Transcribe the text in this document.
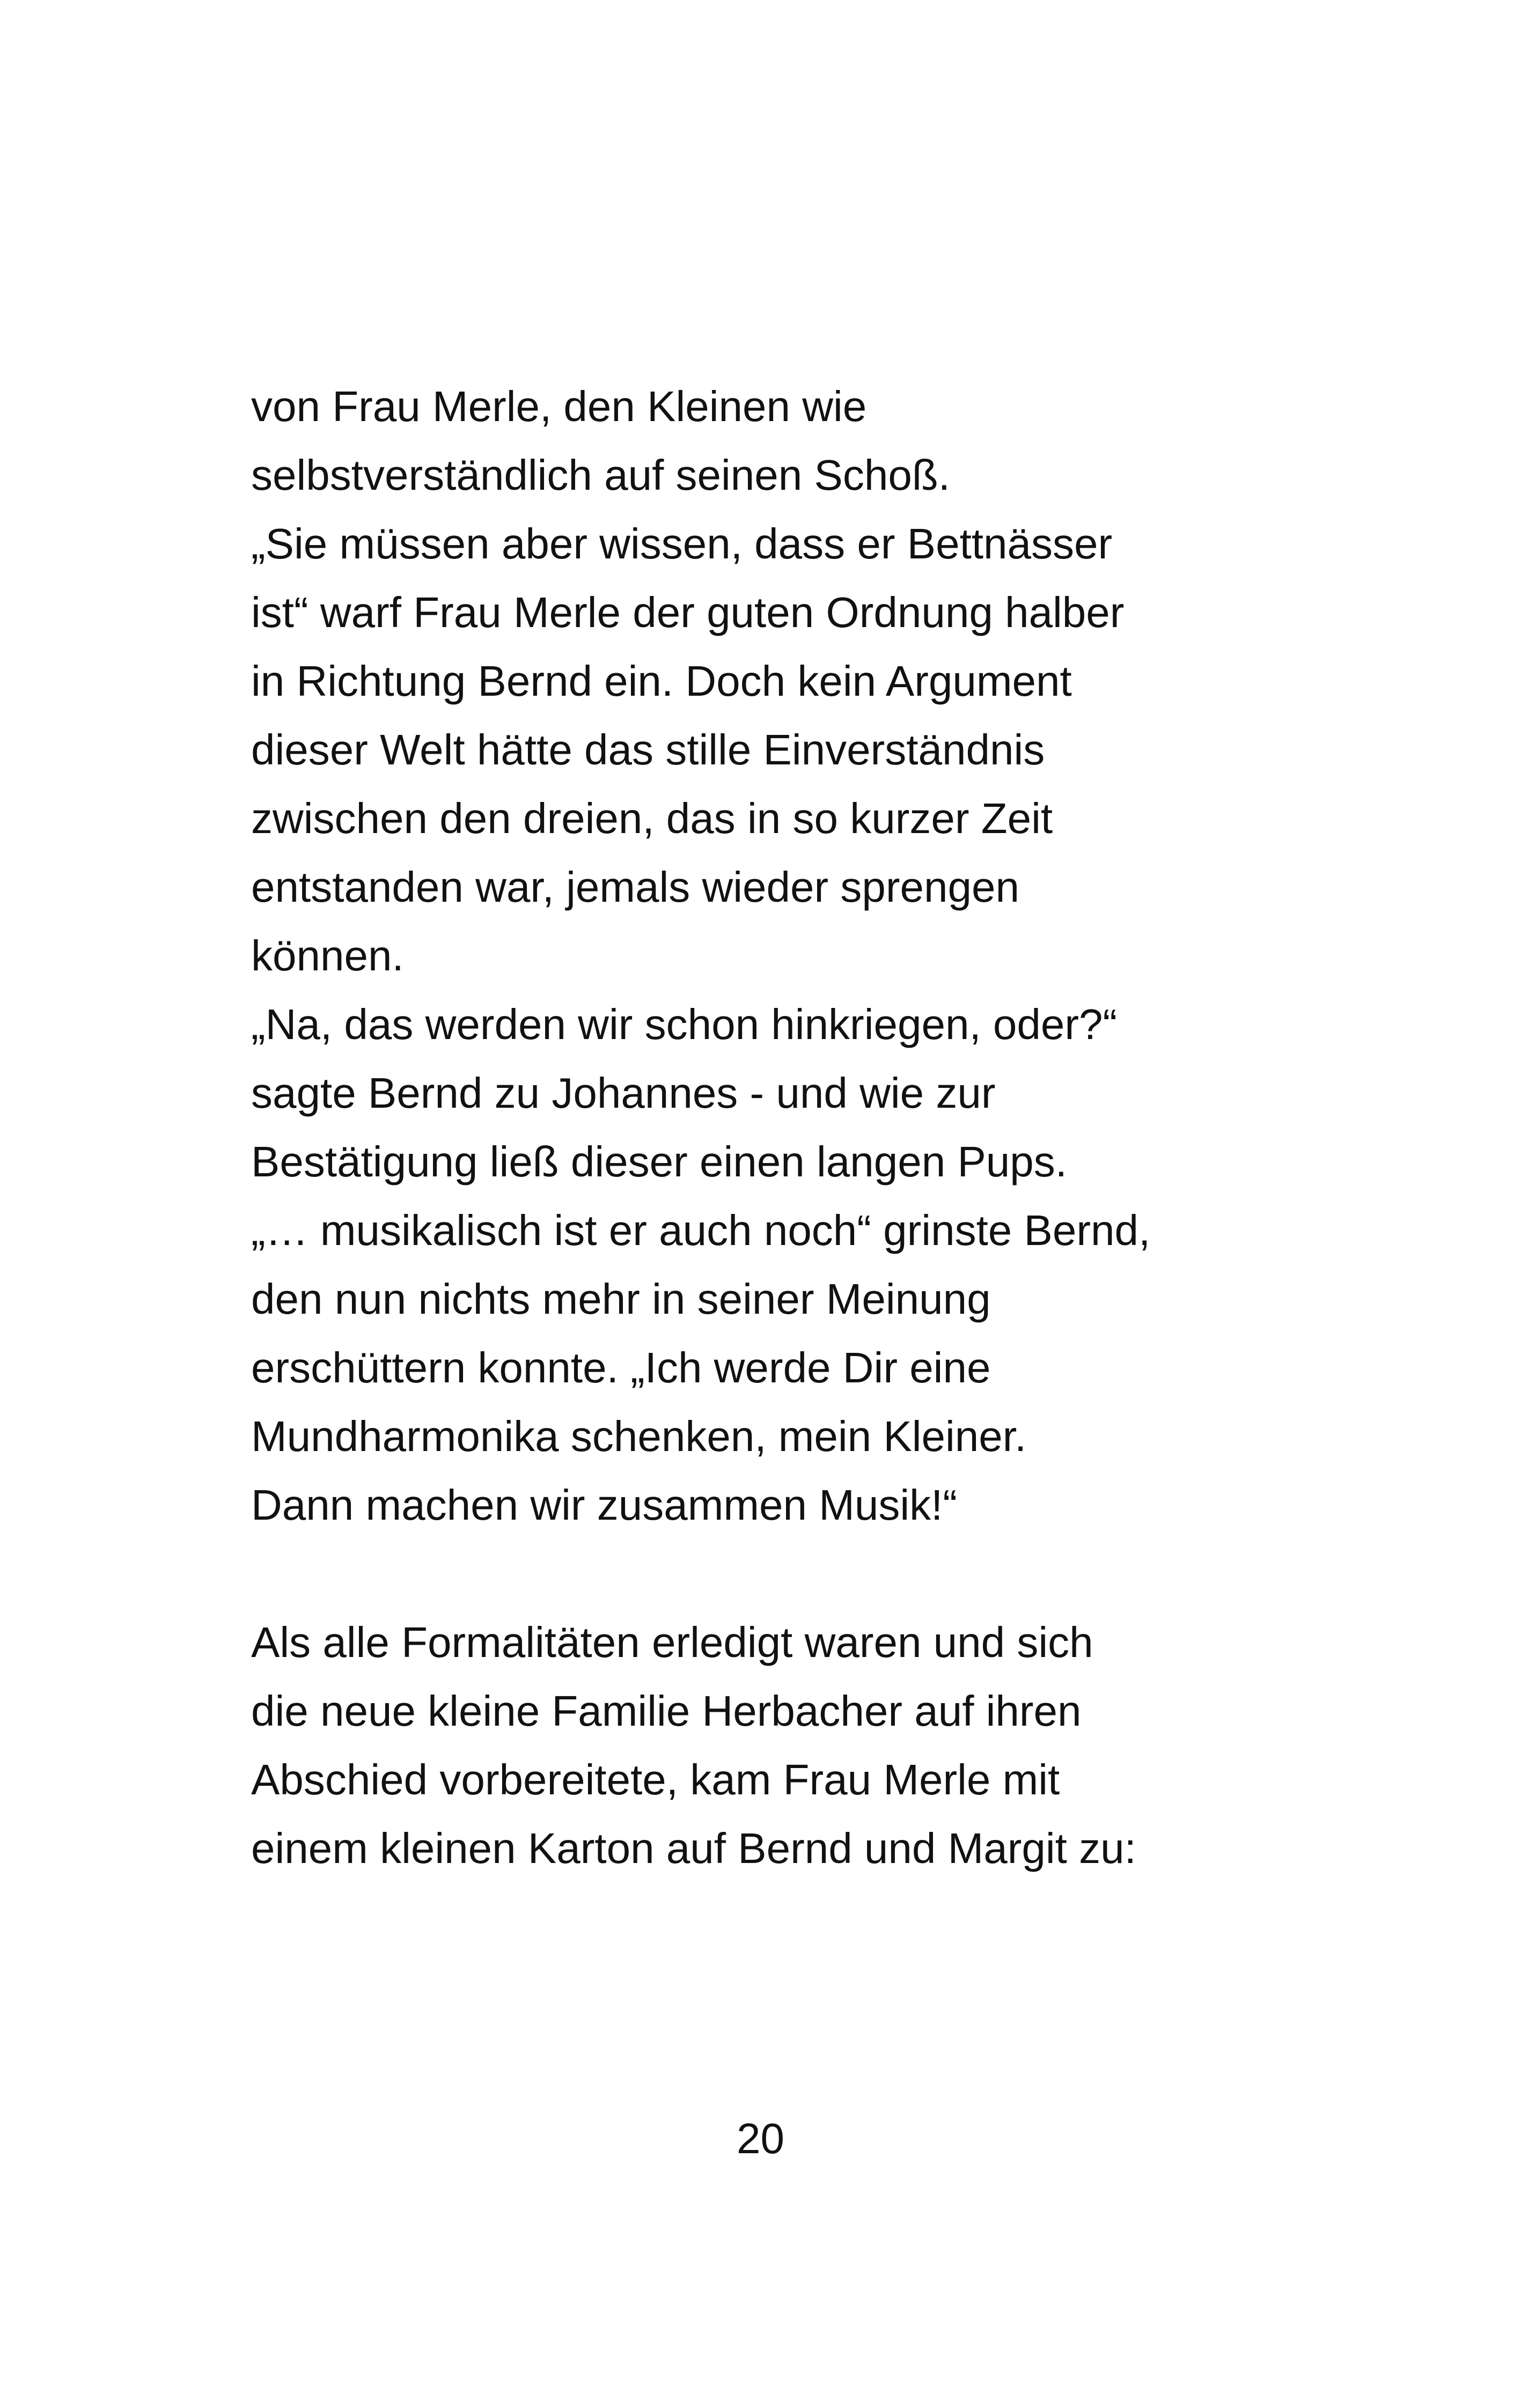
von Frau Merle, den Kleinen wie
selbstverständlich auf seinen Schoß.
„Sie müssen aber wissen, dass er Bettnässer
ist“ warf Frau Merle der guten Ordnung halber
in Richtung Bernd ein. Doch kein Argument
dieser Welt hätte das stille Einverständnis
zwischen den dreien, das in so kurzer Zeit
entstanden war, jemals wieder sprengen
können.
„Na, das werden wir schon hinkriegen, oder?“
sagte Bernd zu Johannes - und wie zur
Bestätigung ließ dieser einen langen Pups.
„… musikalisch ist er auch noch“ grinste Bernd,
den nun nichts mehr in seiner Meinung
erschüttern konnte. „Ich werde Dir eine
Mundharmonika schenken, mein Kleiner.
Dann machen wir zusammen Musik!“
Als alle Formalitäten erledigt waren und sich
die neue kleine Familie Herbacher auf ihren
Abschied vorbereitete, kam Frau Merle mit
einem kleinen Karton auf Bernd und Margit zu:
20
